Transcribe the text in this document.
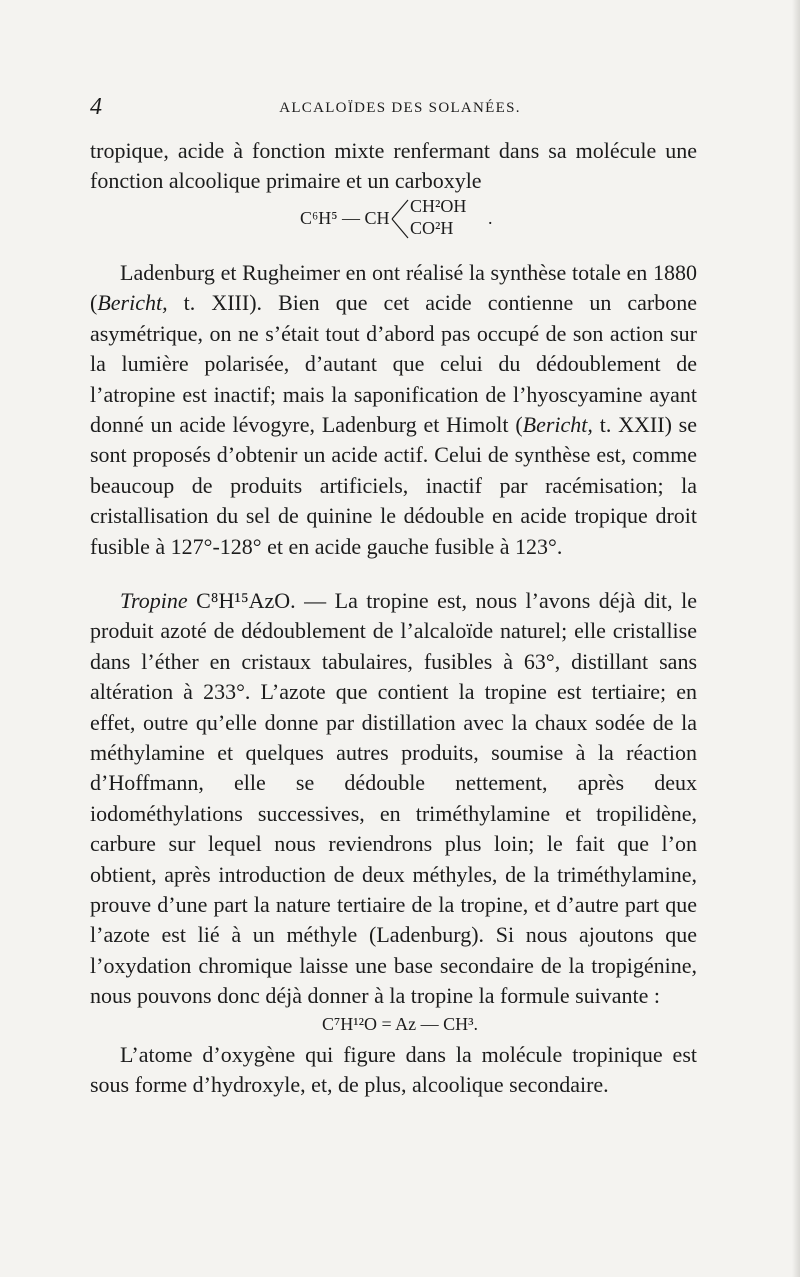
4	ALCALOÏDES DES SOLANÉES.

tropique, acide à fonction mixte renfermant dans sa molécule une fonction alcoolique primaire et un carboxyle

C⁶H⁵ — CH
CH²OH
CO²H .

Ladenburg et Rugheimer en ont réalisé la synthèse totale en 1880 (Bericht, t. XIII). Bien que cet acide contienne un carbone asymétrique, on ne s’était tout d’abord pas occupé de son action sur la lumière polarisée, d’autant que celui du dédoublement de l’atropine est inactif; mais la saponification de l’hyoscyamine ayant donné un acide lévogyre, Ladenburg et Himolt (Bericht, t. XXII) se sont proposés d’obtenir un acide actif. Celui de synthèse est, comme beaucoup de produits artificiels, inactif par racémisation; la cristallisation du sel de quinine le dédouble en acide tropique droit fusible à 127°-128° et en acide gauche fusible à 123°.

Tropine C⁸H¹⁵AzO. — La tropine est, nous l’avons déjà dit, le produit azoté de dédoublement de l’alcaloïde naturel; elle cristallise dans l’éther en cristaux tabulaires, fusibles à 63°, distillant sans altération à 233°. L’azote que contient la tropine est tertiaire; en effet, outre qu’elle donne par distillation avec la chaux sodée de la méthylamine et quelques autres produits, soumise à la réaction d’Hoffmann, elle se dédouble nettement, après deux iodométhylations successives, en triméthylamine et tropilidène, carbure sur lequel nous reviendrons plus loin; le fait que l’on obtient, après introduction de deux méthyles, de la triméthylamine, prouve d’une part la nature tertiaire de la tropine, et d’autre part que l’azote est lié à un méthyle (Ladenburg). Si nous ajoutons que l’oxydation chromique laisse une base secondaire de la tropigénine, nous pouvons donc déjà donner à la tropine la formule suivante :

C⁷H¹²O = Az — CH³.

L’atome d’oxygène qui figure dans la molécule tropinique est sous forme d’hydroxyle, et, de plus, alcoolique secondaire.
